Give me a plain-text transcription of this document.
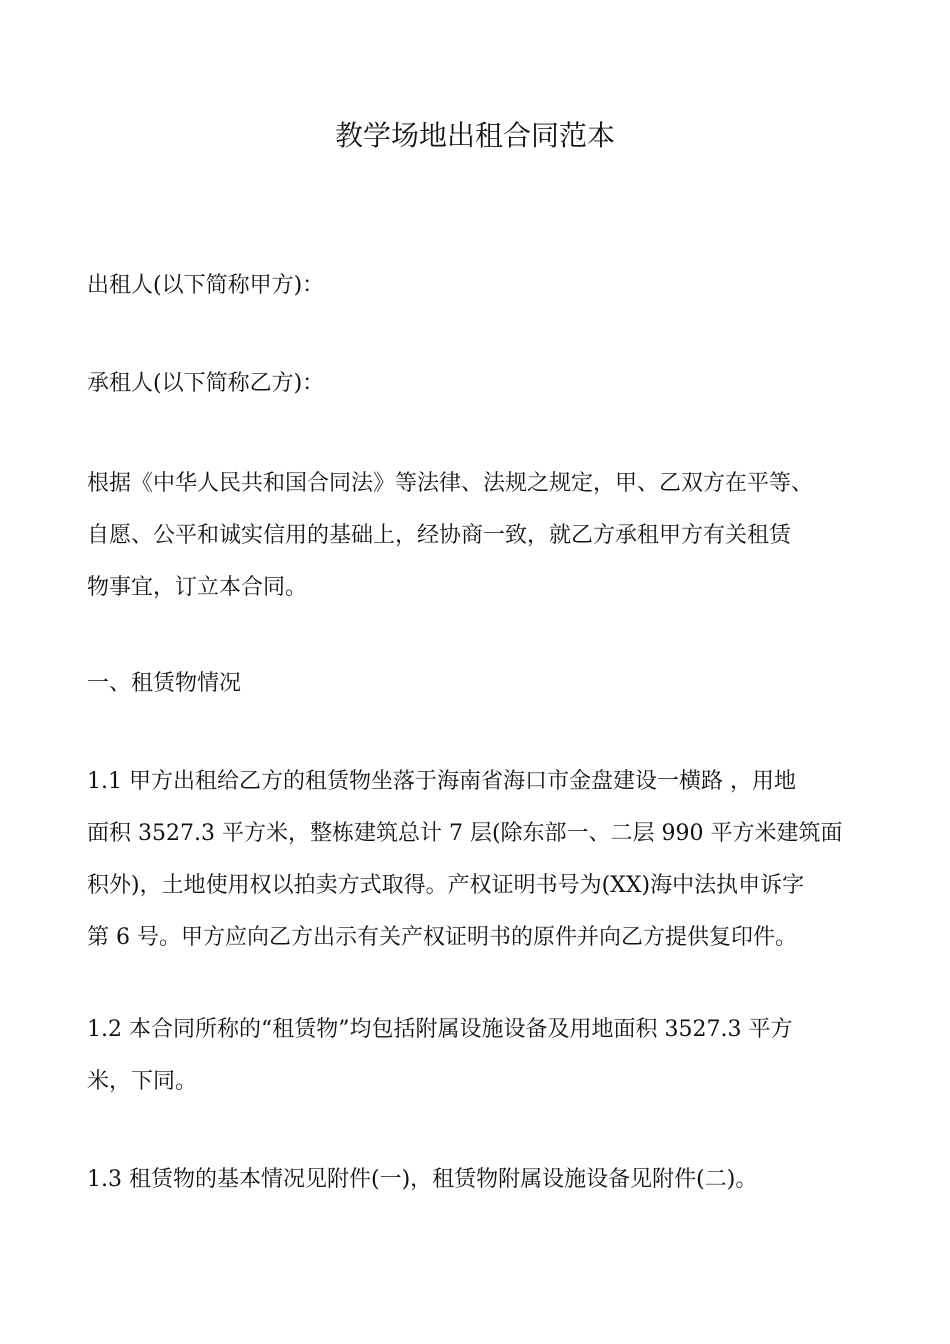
教学场地出租合同范本
出租人(以下简称甲方)：
承租人(以下简称乙方)：
根据《中华人民共和国合同法》等法律、法规之规定，甲、乙双方在平等、
自愿、公平和诚实信用的基础上，经协商一致，就乙方承租甲方有关租赁
物事宜，订立本合同。
一、租赁物情况
1.1 甲方出租给乙方的租赁物坐落于海南省海口市金盘建设一横路 ，用地
面积 3527.3 平方米，整栋建筑总计 7 层(除东部一、二层 990 平方米建筑面
积外)，土地使用权以拍卖方式取得。产权证明书号为(XX)海中法执申诉字
第 6 号。甲方应向乙方出示有关产权证明书的原件并向乙方提供复印件。
1.2 本合同所称的“租赁物”均包括附属设施设备及用地面积 3527.3 平方
米，下同。
1.3 租赁物的基本情况见附件(一)，租赁物附属设施设备见附件(二)。
